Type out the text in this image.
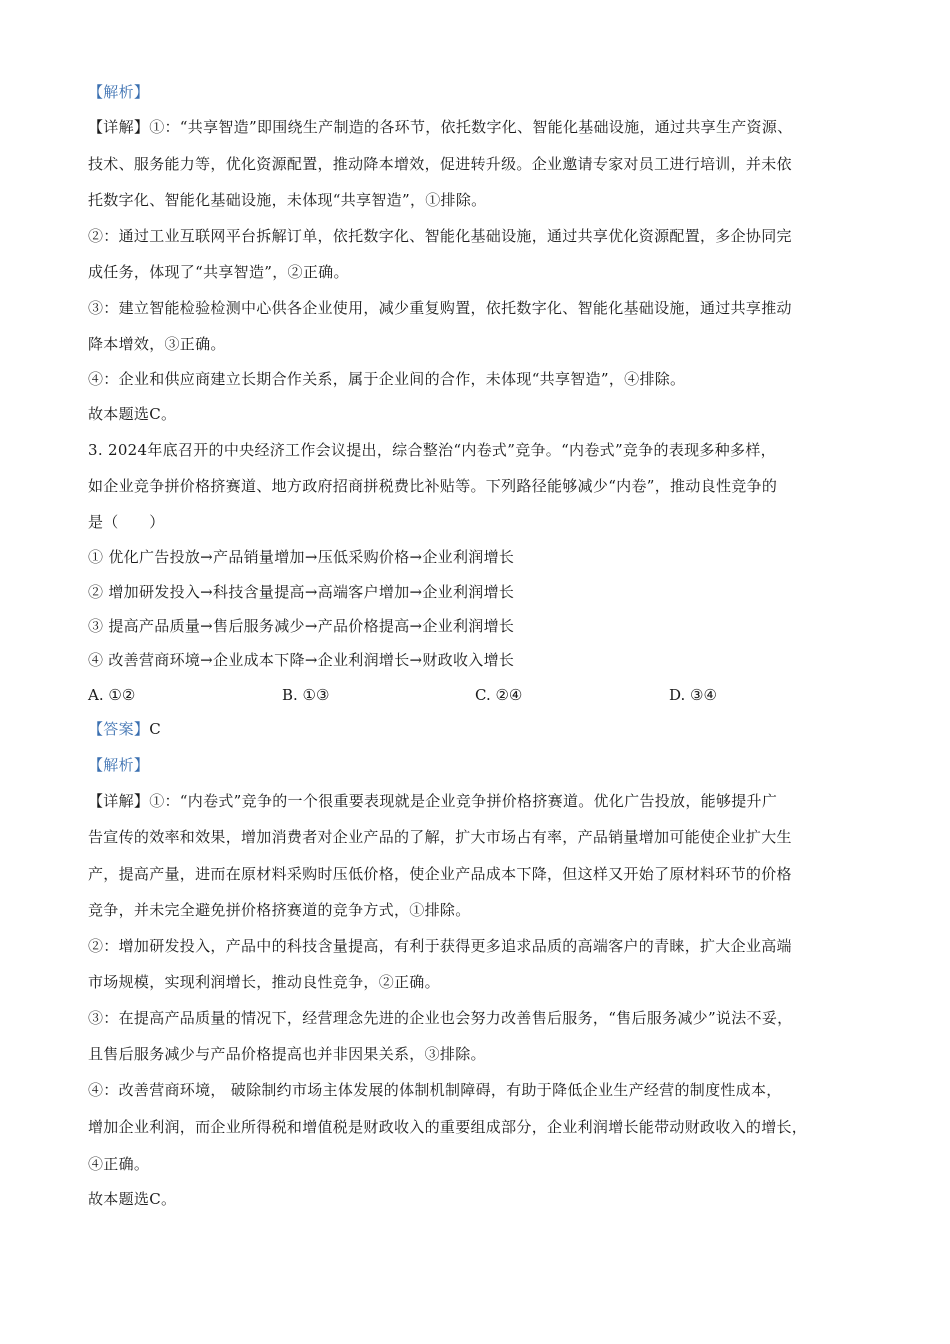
【解析】
【详解】①：“共享智造”即围绕生产制造的各环节，依托数字化、智能化基础设施，通过共享生产资源、
技术、服务能力等，优化资源配置，推动降本增效，促进转升级。企业邀请专家对员工进行培训，并未依
托数字化、智能化基础设施，未体现“共享智造”，①排除。
②：通过工业互联网平台拆解订单，依托数字化、智能化基础设施，通过共享优化资源配置，多企协同完
成任务，体现了“共享智造”，②正确。
③：建立智能检验检测中心供各企业使用，减少重复购置，依托数字化、智能化基础设施，通过共享推动
降本增效，③正确。
④：企业和供应商建立长期合作关系，属于企业间的合作，未体现“共享智造”，④排除。
故本题选C。
3. 2024年底召开的中央经济工作会议提出，综合整治“内卷式”竞争。“内卷式”竞争的表现多种多样，
如企业竞争拼价格挤赛道、地方政府招商拼税费比补贴等。下列路径能够减少“内卷”，推动良性竞争的
是（　　）
① 优化广告投放→产品销量增加→压低采购价格→企业利润增长
② 增加研发投入→科技含量提高→高端客户增加→企业利润增长
③ 提高产品质量→售后服务减少→产品价格提高→企业利润增长
④ 改善营商环境→企业成本下降→企业利润增长→财政收入增长
A. ①②	B. ①③	C. ②④	D. ③④
【答案】C
【解析】
【详解】①：“内卷式”竞争的一个很重要表现就是企业竞争拼价格挤赛道。优化广告投放，能够提升广
告宣传的效率和效果，增加消费者对企业产品的了解，扩大市场占有率，产品销量增加可能使企业扩大生
产，提高产量，进而在原材料采购时压低价格，使企业产品成本下降，但这样又开始了原材料环节的价格
竞争，并未完全避免拼价格挤赛道的竞争方式，①排除。
②：增加研发投入，产品中的科技含量提高，有利于获得更多追求品质的高端客户的青睐，扩大企业高端
市场规模，实现利润增长，推动良性竞争，②正确。
③：在提高产品质量的情况下，经营理念先进的企业也会努力改善售后服务，“售后服务减少”说法不妥，
且售后服务减少与产品价格提高也并非因果关系，③排除。
④：改善营商环境， 破除制约市场主体发展的体制机制障碍，有助于降低企业生产经营的制度性成本，
增加企业利润，而企业所得税和增值税是财政收入的重要组成部分，企业利润增长能带动财政收入的增长，
④正确。
故本题选C。
